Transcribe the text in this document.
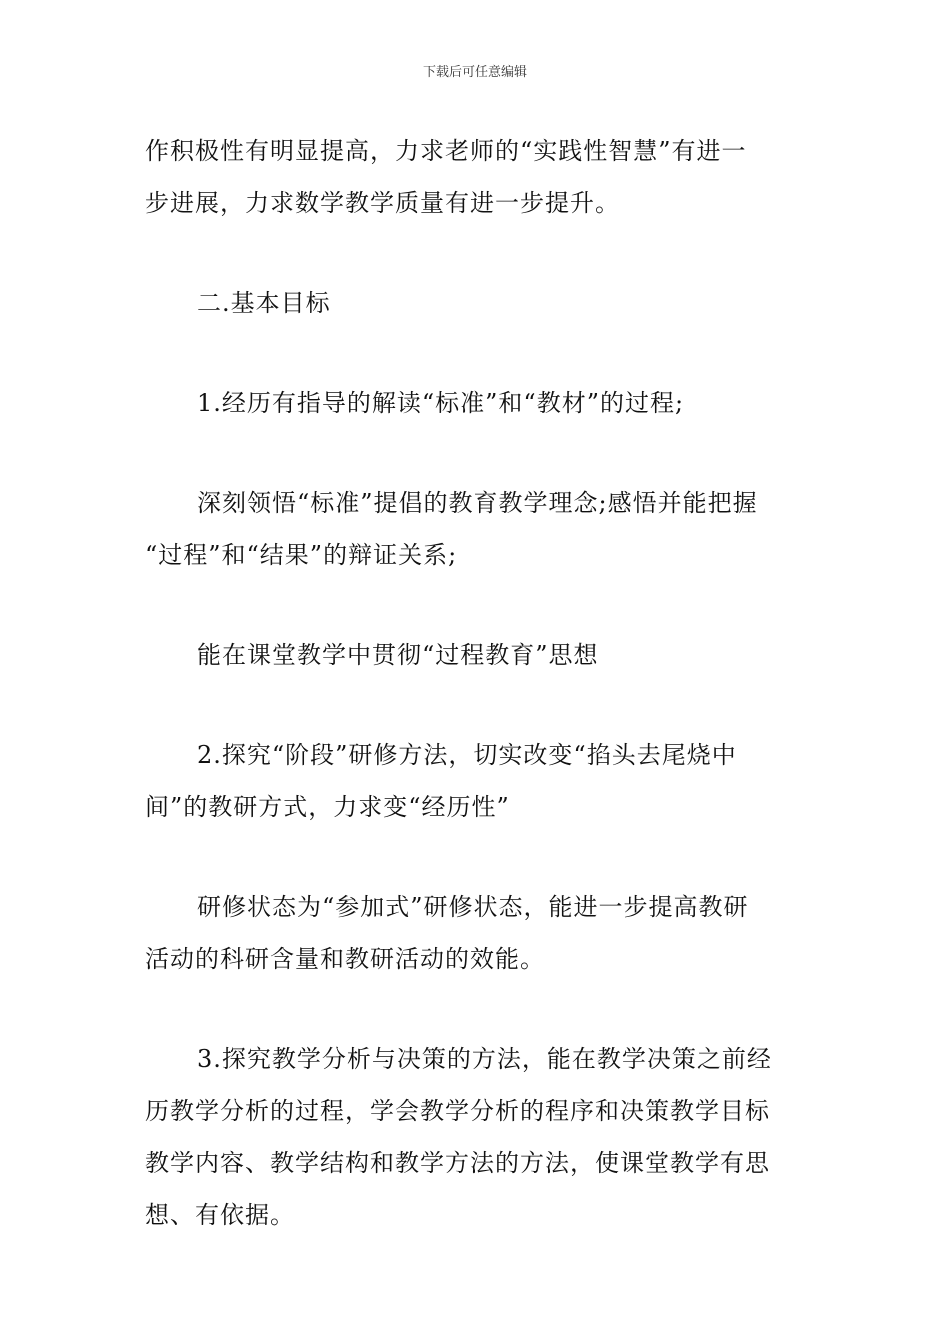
下载后可任意编辑

作积极性有明显提高，力求老师的“实践性智慧”有进一
步进展，力求数学教学质量有进一步提升。

二.基本目标

1.经历有指导的解读“标准”和“教材”的过程;

深刻领悟“标准”提倡的教育教学理念;感悟并能把握
“过程”和“结果”的辩证关系;

能在课堂教学中贯彻“过程教育”思想

2.探究“阶段”研修方法，切实改变“掐头去尾烧中
间”的教研方式，力求变“经历性”

研修状态为“参加式”研修状态，能进一步提高教研
活动的科研含量和教研活动的效能。

3.探究教学分析与决策的方法，能在教学决策之前经
历教学分析的过程，学会教学分析的程序和决策教学目标
教学内容、教学结构和教学方法的方法，使课堂教学有思
想、有依据。
